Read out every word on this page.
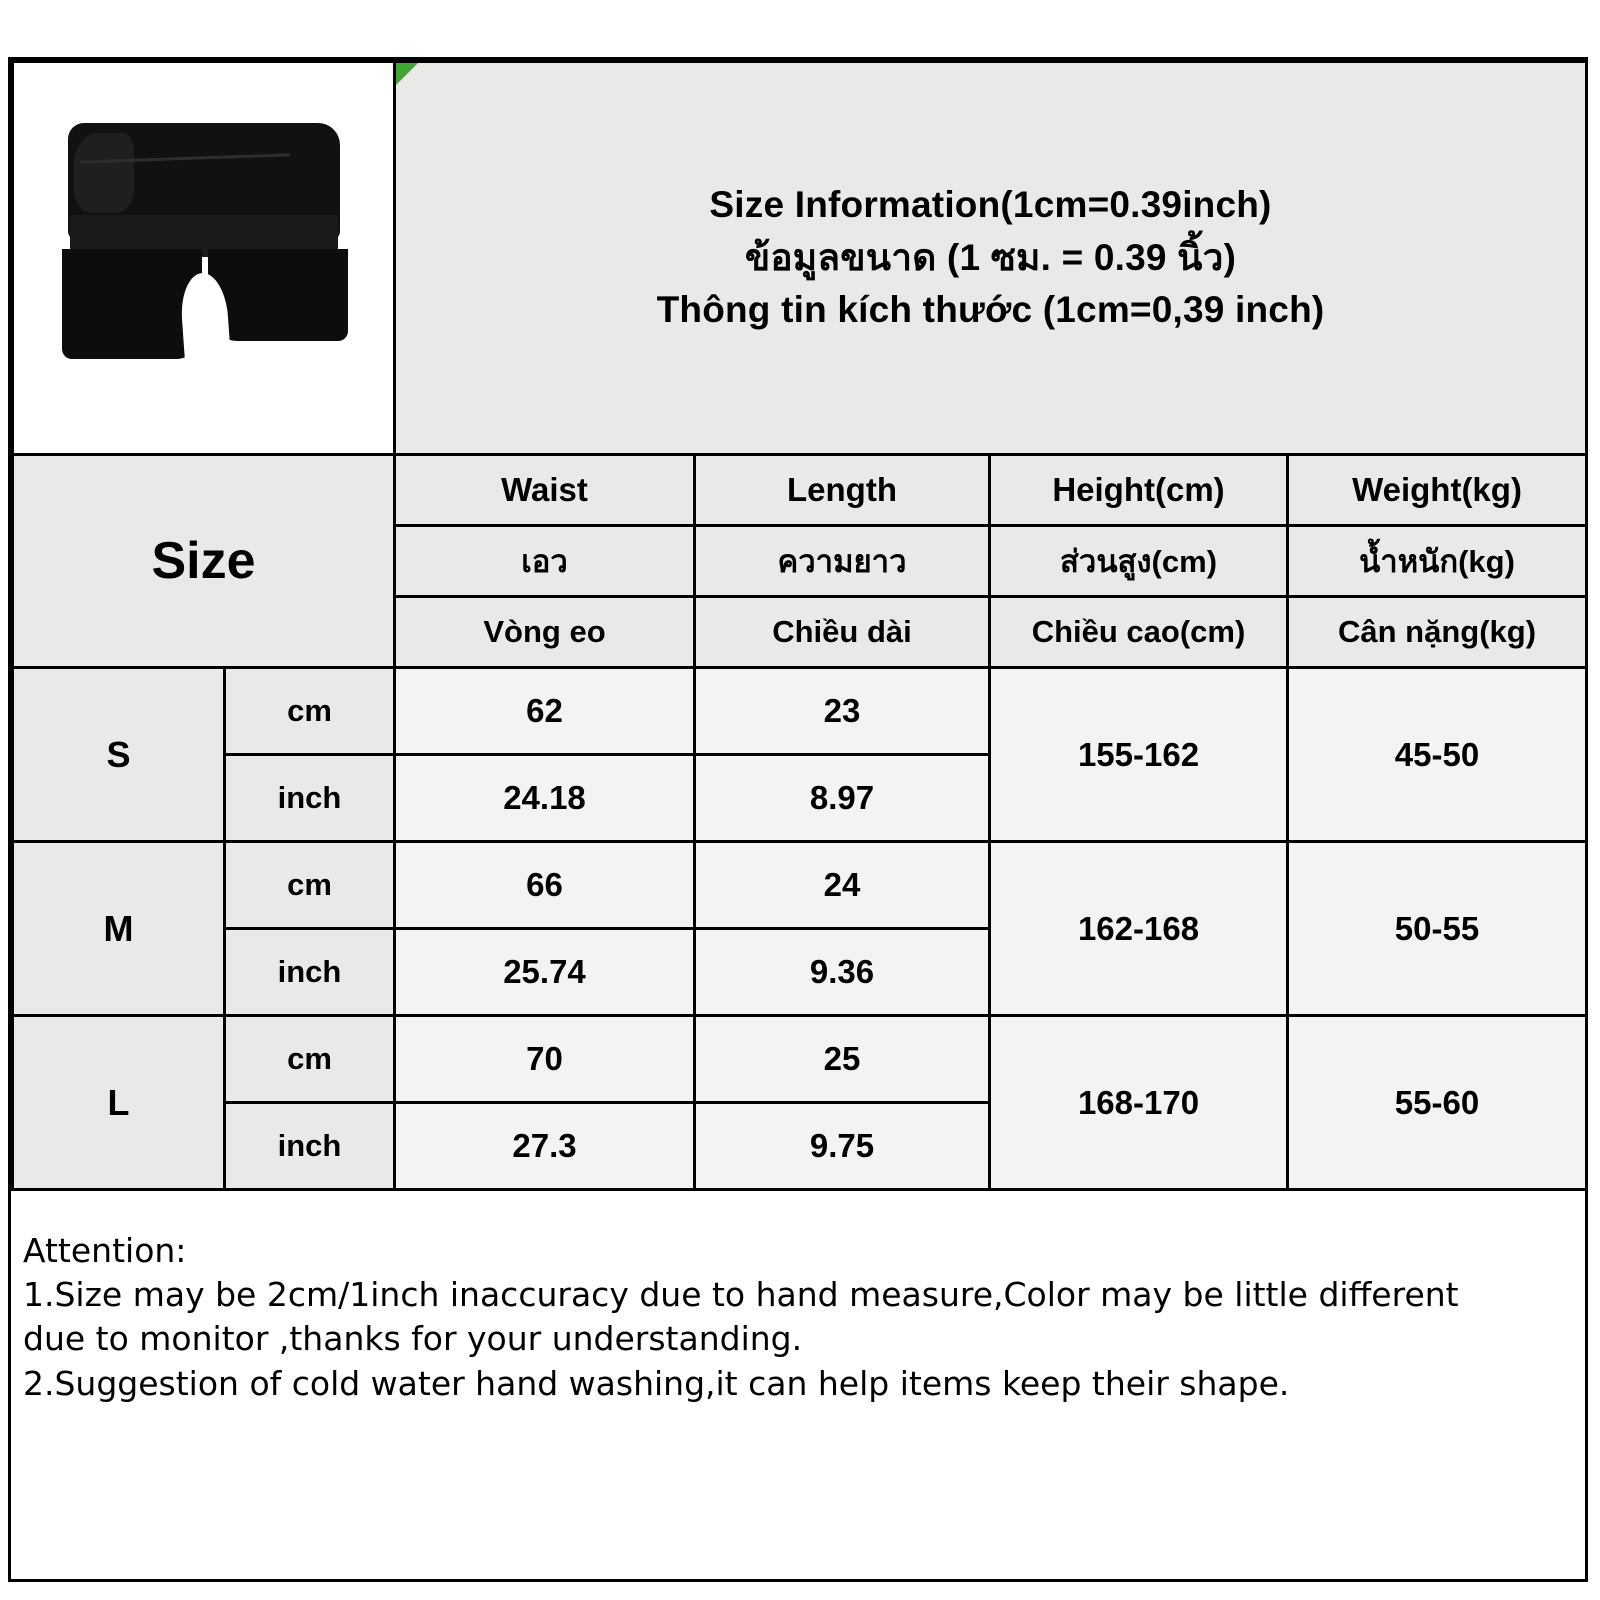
		Size Information(1cm=0.39inch)
ข้อมูลขนาด (1 ซม. = 0.39 นิ้ว)
Thông tin kích thước (1cm=0,39 inch)			

Size		Waist	Length	Height(cm)	Weight(kg)
		เอว	ความยาว	ส่วนสูง(cm)	น้ำหนัก(kg)
		Vòng eo	Chiều dài	Chiều cao(cm)	Cân nặng(kg)
S	cm	62	23	155-162	45-50
	inch	24.18	8.97		
M	cm	66	24	162-168	50-55
	inch	25.74	9.36		
L	cm	70	25	168-170	55-60
	inch	27.3	9.75		

Attention:

1.Size may be 2cm/1inch inaccuracy due to hand measure,Color may be little different

due to monitor ,thanks for your understanding.

2.Suggestion of cold water hand washing,it can help items keep their shape.
